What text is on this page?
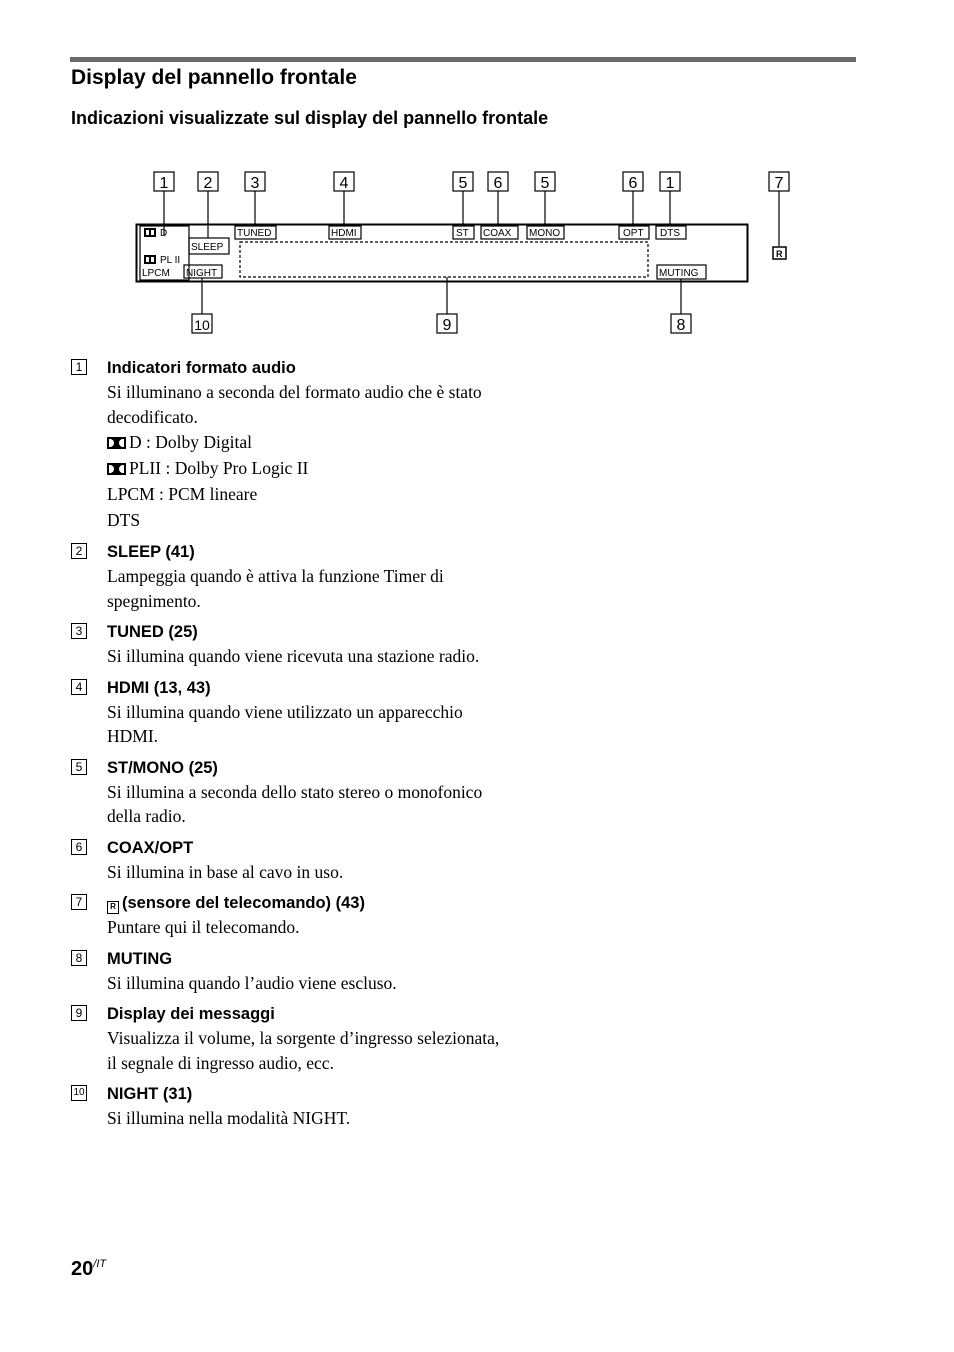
Display del pannello frontale
Indicazioni visualizzate sul display del pannello frontale
D
PL II
LPCM
SLEEP
NIGHT
TUNED	HDMI	ST COAX MONO	OPT DTS
MUTING
R
1 2 3	4	5 6 5	6 1	7
10	9	8
1 Indicatori formato audio
Si illuminano a seconda del formato audio che è stato decodificato.
D : Dolby Digital
PLII : Dolby Pro Logic II
LPCM : PCM lineare
DTS
2 SLEEP (41)
Lampeggia quando è attiva la funzione Timer di spegnimento.
3 TUNED (25)
Si illumina quando viene ricevuta una stazione radio.
4 HDMI (13, 43)
Si illumina quando viene utilizzato un apparecchio HDMI.
5 ST/MONO (25)
Si illumina a seconda dello stato stereo o monofonico della radio.
6 COAX/OPT
Si illumina in base al cavo in uso.
7	R (sensore del telecomando) (43)
Puntare qui il telecomando.
8 MUTING
Si illumina quando l’audio viene escluso.
9 Display dei messaggi
Visualizza il volume, la sorgente d’ingresso selezionata, il segnale di ingresso audio, ecc.
10 NIGHT (31)
Si illumina nella modalità NIGHT.
$20^{/IT}$
